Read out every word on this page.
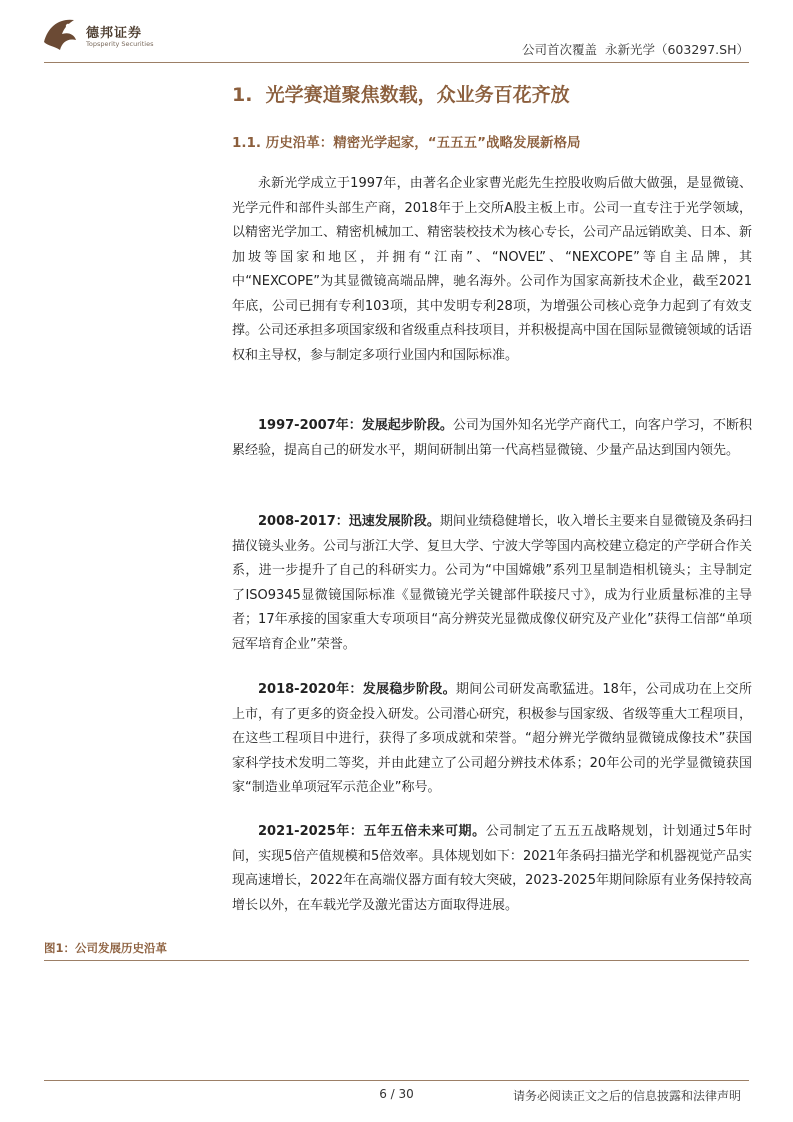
德邦证券
Topsperity Securities	公司首次覆盖  永新光学（603297.SH）
1.  光学赛道聚焦数载，众业务百花齐放
1.1. 历史沿革：精密光学起家，“五五五”战略发展新格局
永新光学成立于1997年，由著名企业家曹光彪先生控股收购后做大做强，是显微镜、光学元件和部件头部生产商，2018年于上交所A股主板上市。公司一直专注于光学领域，以精密光学加工、精密机械加工、精密装校技术为核心专长，公司产品远销欧美、日本、新加坡等国家和地区，并拥有“江南”、“NOVEL”、“NEXCOPE”等自主品牌，其中“NEXCOPE”为其显微镜高端品牌，驰名海外。公司作为国家高新技术企业，截至2021年底，公司已拥有专利103项，其中发明专利28项，为增强公司核心竞争力起到了有效支撑。公司还承担多项国家级和省级重点科技项目，并积极提高中国在国际显微镜领域的话语权和主导权，参与制定多项行业国内和国际标准。
1997-2007年：发展起步阶段。公司为国外知名光学产商代工，向客户学习，不断积累经验，提高自己的研发水平，期间研制出第一代高档显微镜、少量产品达到国内领先。
2008-2017：迅速发展阶段。期间业绩稳健增长，收入增长主要来自显微镜及条码扫描仪镜头业务。公司与浙江大学、复旦大学、宁波大学等国内高校建立稳定的产学研合作关系，进一步提升了自己的科研实力。公司为“中国嫦娥”系列卫星制造相机镜头；主导制定了ISO9345显微镜国际标准《显微镜光学关键部件联接尺寸》，成为行业质量标准的主导者；17年承接的国家重大专项项目“高分辨荧光显微成像仪研究及产业化”获得工信部“单项冠军培育企业”荣誉。
2018-2020年：发展稳步阶段。期间公司研发高歌猛进。18年，公司成功在上交所上市，有了更多的资金投入研发。公司潜心研究，积极参与国家级、省级等重大工程项目，在这些工程项目中进行，获得了多项成就和荣誉。“超分辨光学微纳显微镜成像技术”获国家科学技术发明二等奖，并由此建立了公司超分辨技术体系；20年公司的光学显微镜获国家“制造业单项冠军示范企业”称号。
2021-2025年：五年五倍未来可期。公司制定了五五五战略规划，计划通过5年时间，实现5倍产值规模和5倍效率。具体规划如下：2021年条码扫描光学和机器视觉产品实现高速增长，2022年在高端仪器方面有较大突破，2023-2025年期间除原有业务保持较高增长以外，在车载光学及激光雷达方面取得进展。
图1：公司发展历史沿革
6 / 30	请务必阅读正文之后的信息披露和法律声明
